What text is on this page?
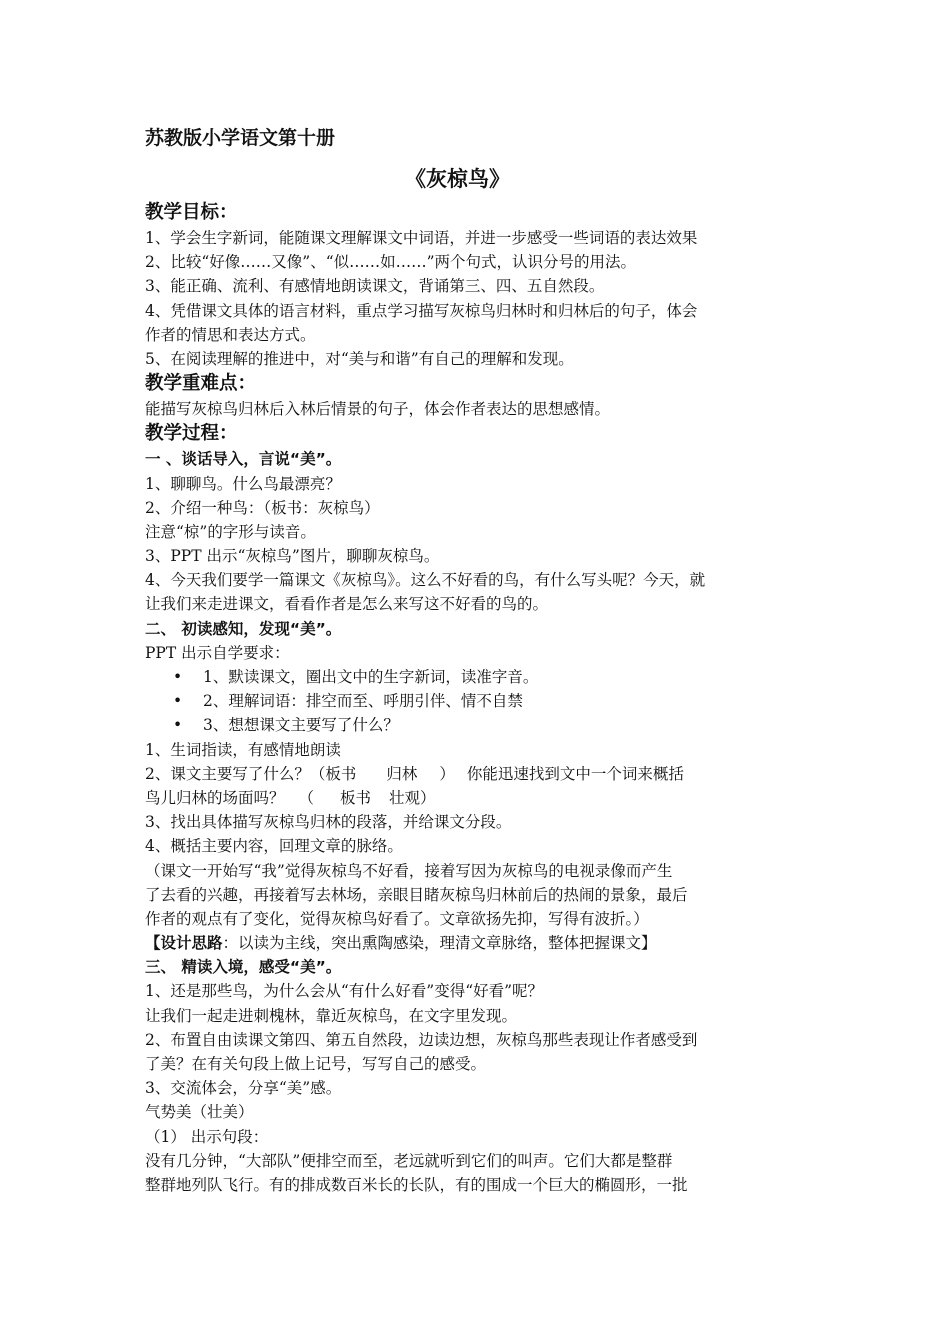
苏教版小学语文第十册
《灰椋鸟》
教学目标：
1、学会生字新词，能随课文理解课文中词语，并进一步感受一些词语的表达效果
2、比较“好像……又像”、“似……如……”两个句式，认识分号的用法。
3、能正确、流利、有感情地朗读课文，背诵第三、四、五自然段。
4、凭借课文具体的语言材料，重点学习描写灰椋鸟归林时和归林后的句子，体会
作者的情思和表达方式。
5、在阅读理解的推进中，对“美与和谐”有自己的理解和发现。
教学重难点：
能描写灰椋鸟归林后入林后情景的句子，体会作者表达的思想感情。
教学过程：
一 、谈话导入，言说“美”。
1、聊聊鸟。什么鸟最漂亮？
2、介绍一种鸟：（板书：灰椋鸟）
注意“椋”的字形与读音。
3、PPT 出示“灰椋鸟”图片，聊聊灰椋鸟。
4、今天我们要学一篇课文《灰椋鸟》。这么不好看的鸟，有什么写头呢？今天，就
让我们来走进课文，看看作者是怎么来写这不好看的鸟的。
二、 初读感知，发现“美”。
PPT 出示自学要求：
• 1、默读课文，圈出文中的生字新词，读准字音。
• 2、理解词语：排空而至、呼朋引伴、情不自禁
• 3、想想课文主要写了什么？
1、生词指读，有感情地朗读
2、课文主要写了什么？（板书 归林 ） 你能迅速找到文中一个词来概括
鸟儿归林的场面吗？ （ 板书 壮观）
3、找出具体描写灰椋鸟归林的段落，并给课文分段。
4、概括主要内容，回理文章的脉络。
（课文一开始写“我”觉得灰椋鸟不好看，接着写因为灰椋鸟的电视录像而产生
了去看的兴趣，再接着写去林场，亲眼目睹灰椋鸟归林前后的热闹的景象，最后
作者的观点有了变化，觉得灰椋鸟好看了。文章欲扬先抑，写得有波折。）
【设计思路：以读为主线，突出熏陶感染，理清文章脉络，整体把握课文】
三、 精读入境，感受“美”。
1、还是那些鸟，为什么会从“有什么好看”变得“好看”呢？
让我们一起走进刺槐林，靠近灰椋鸟，在文字里发现。
2、布置自由读课文第四、第五自然段，边读边想，灰椋鸟那些表现让作者感受到
了美？在有关句段上做上记号，写写自己的感受。
3、交流体会，分享“美”感。
气势美（壮美）
（1） 出示句段：
没有几分钟，“大部队”便排空而至，老远就听到它们的叫声。它们大都是整群
整群地列队飞行。有的排成数百米长的长队，有的围成一个巨大的椭圆形，一批
